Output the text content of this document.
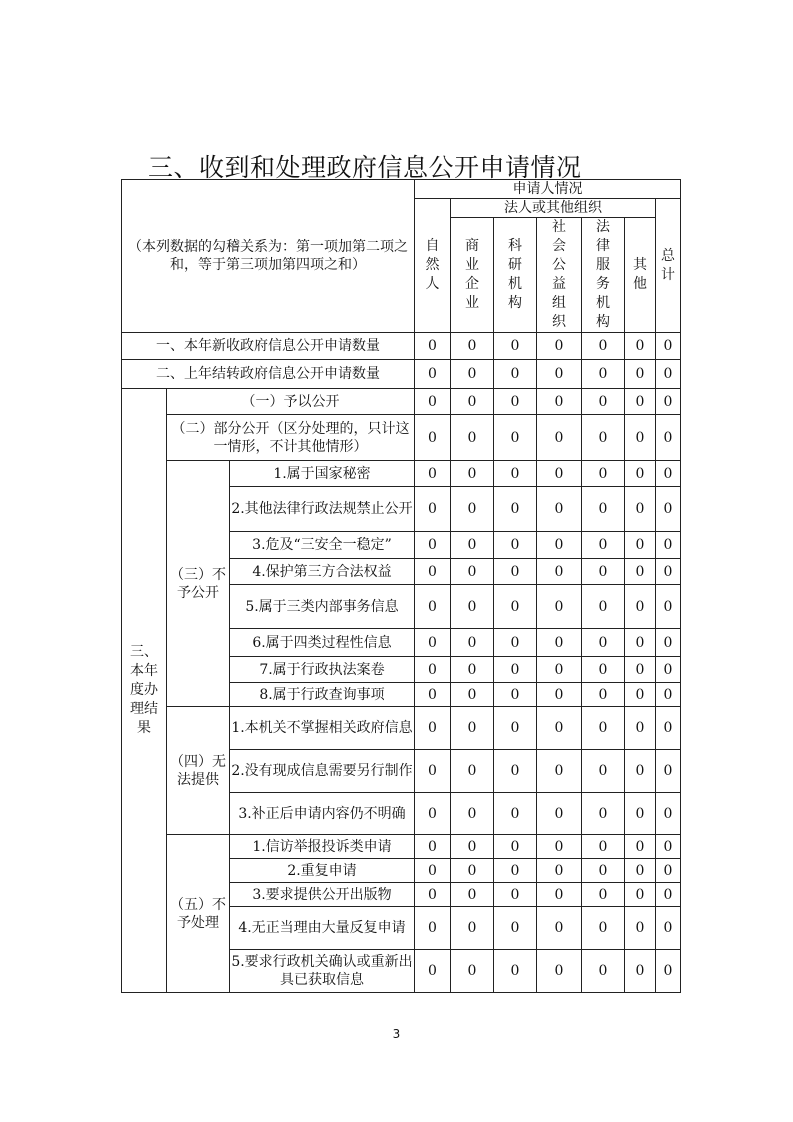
三、收到和处理政府信息公开申请情况
（本列数据的勾稽关系为：第一项加第二项之和，等于第三项加第四项之和）			申请人情况						
			自然人	法人或其他组织					总计
				商业企业	科研机构	社会公益组织	法律服务机构	其他	
一、本年新收政府信息公开申请数量			0	0	0	0	0	0	0
二、上年结转政府信息公开申请数量			0	0	0	0	0	0	0
三、本年度办理结果	（一）予以公开		0	0	0	0	0	0	0
	（二）部分公开（区分处理的，只计这一情形，不计其他情形）		0	0	0	0	0	0	0
	（三）不予公开	1.属于国家秘密	0	0	0	0	0	0	0
		2.其他法律行政法规禁止公开	0	0	0	0	0	0	0
		3.危及“三安全一稳定”	0	0	0	0	0	0	0
		4.保护第三方合法权益	0	0	0	0	0	0	0
		5.属于三类内部事务信息	0	0	0	0	0	0	0
		6.属于四类过程性信息	0	0	0	0	0	0	0
		7.属于行政执法案卷	0	0	0	0	0	0	0
		8.属于行政查询事项	0	0	0	0	0	0	0
	（四）无法提供	1.本机关不掌握相关政府信息	0	0	0	0	0	0	0
		2.没有现成信息需要另行制作	0	0	0	0	0	0	0
		3.补正后申请内容仍不明确	0	0	0	0	0	0	0
	（五）不予处理	1.信访举报投诉类申请	0	0	0	0	0	0	0
		2.重复申请	0	0	0	0	0	0	0
		3.要求提供公开出版物	0	0	0	0	0	0	0
		4.无正当理由大量反复申请	0	0	0	0	0	0	0
		5.要求行政机关确认或重新出具已获取信息	0	0	0	0	0	0	0
3
